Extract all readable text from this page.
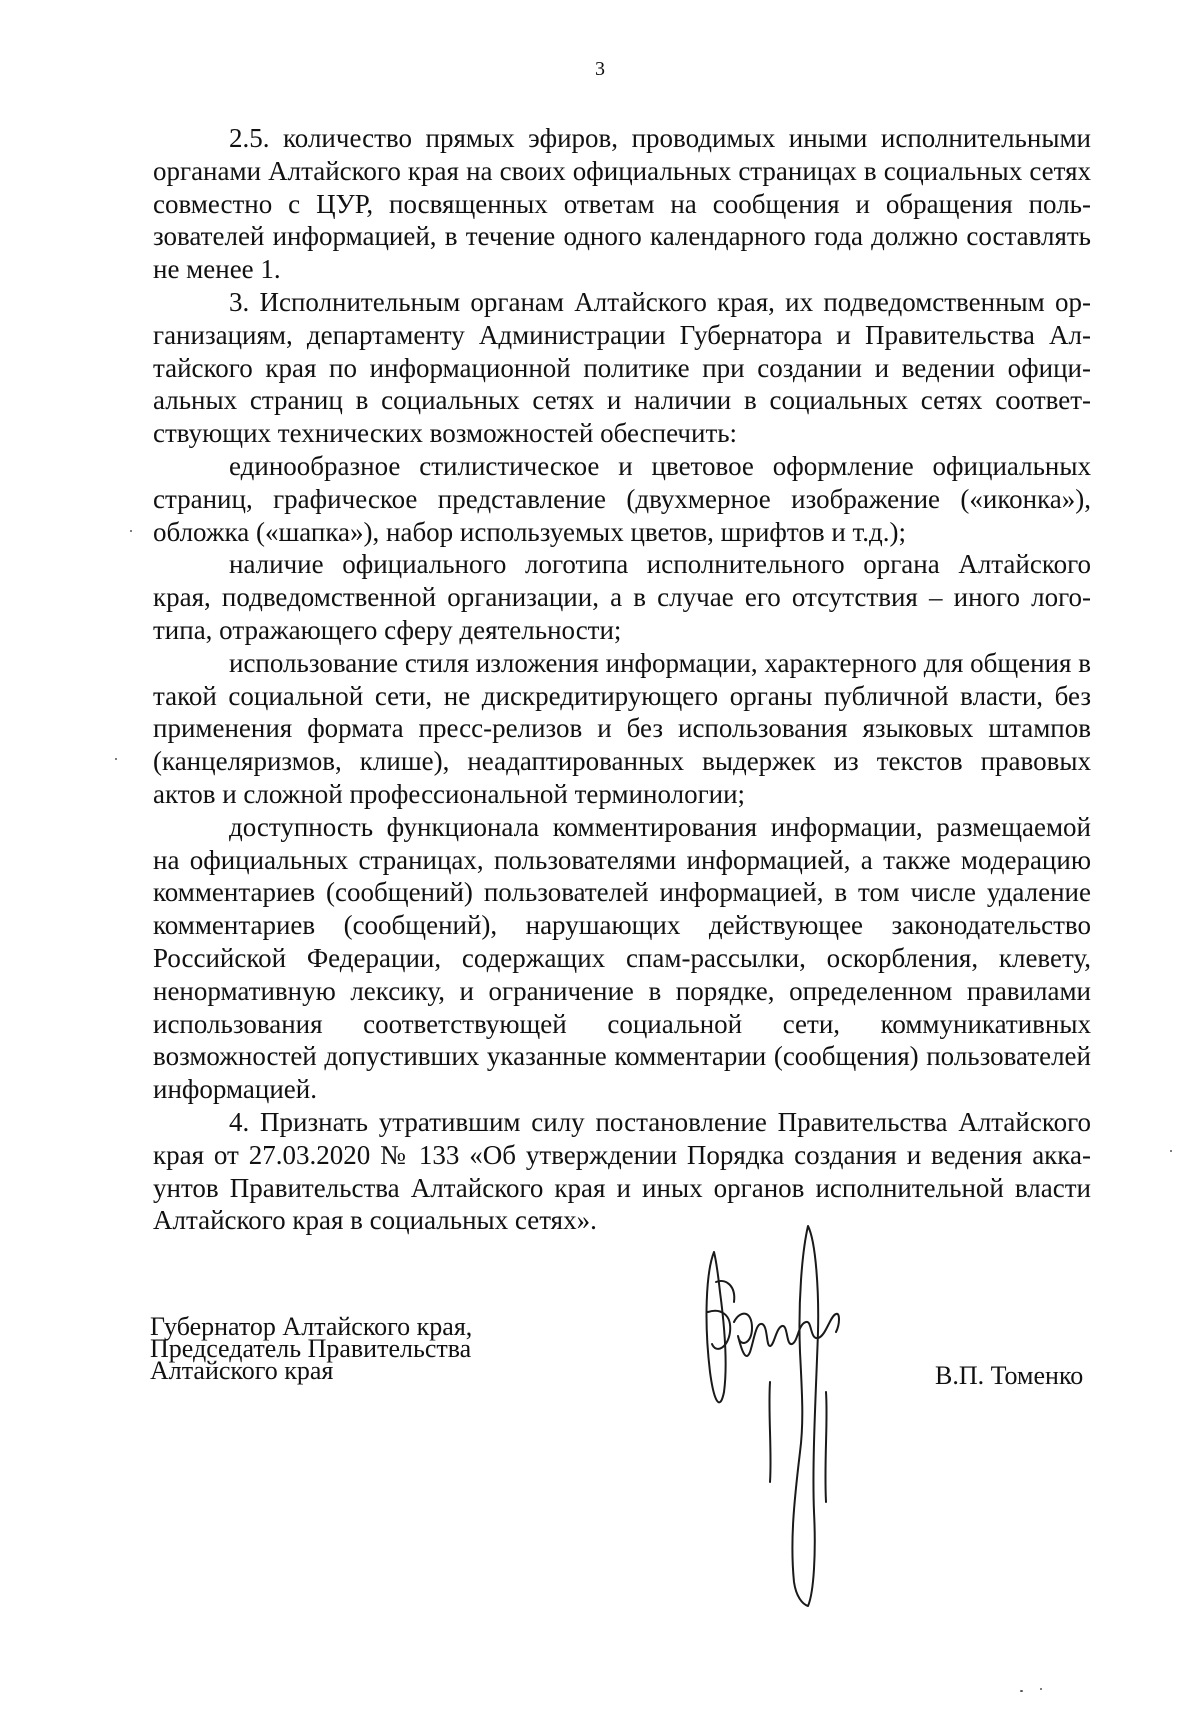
3

2.5. количество прямых эфиров, проводимых иными исполнительными органами Алтайского края на своих официальных страницах в социальных сетях совместно с ЦУР, посвященных ответам на сообщения и обращения пользователей информацией, в течение одного календарного года должно составлять не менее 1.

3. Исполнительным органам Алтайского края, их подведомственным организациям, департаменту Администрации Губернатора и Правительства Алтайского края по информационной политике при создании и ведении официальных страниц в социальных сетях и наличии в социальных сетях соответствующих технических возможностей обеспечить:

единообразное стилистическое и цветовое оформление официальных страниц, графическое представление (двухмерное изображение («иконка»), обложка («шапка»), набор используемых цветов, шрифтов и т.д.);

наличие официального логотипа исполнительного органа Алтайского края, подведомственной организации, а в случае его отсутствия – иного логотипа, отражающего сферу деятельности;

использование стиля изложения информации, характерного для общения в такой социальной сети, не дискредитирующего органы публичной власти, без применения формата пресс-релизов и без использования языковых штампов (канцеляризмов, клише), неадаптированных выдержек из текстов правовых актов и сложной профессиональной терминологии;

доступность функционала комментирования информации, размещаемой на официальных страницах, пользователями информацией, а также модерацию комментариев (сообщений) пользователей информацией, в том числе удаление комментариев (сообщений), нарушающих действующее законодательство Российской Федерации, содержащих спам-рассылки, оскорбления, клевету, ненормативную лексику, и ограничение в порядке, определенном правилами использования соответствующей социальной сети, коммуникативных возможностей допустивших указанные комментарии (сообщения) пользователей информацией.

4. Признать утратившим силу постановление Правительства Алтайского края от 27.03.2020 № 133 «Об утверждении Порядка создания и ведения аккаунтов Правительства Алтайского края и иных органов исполнительной власти Алтайского края в социальных сетях».

Губернатор Алтайского края,
Председатель Правительства
Алтайского края	В.П. Томенко
